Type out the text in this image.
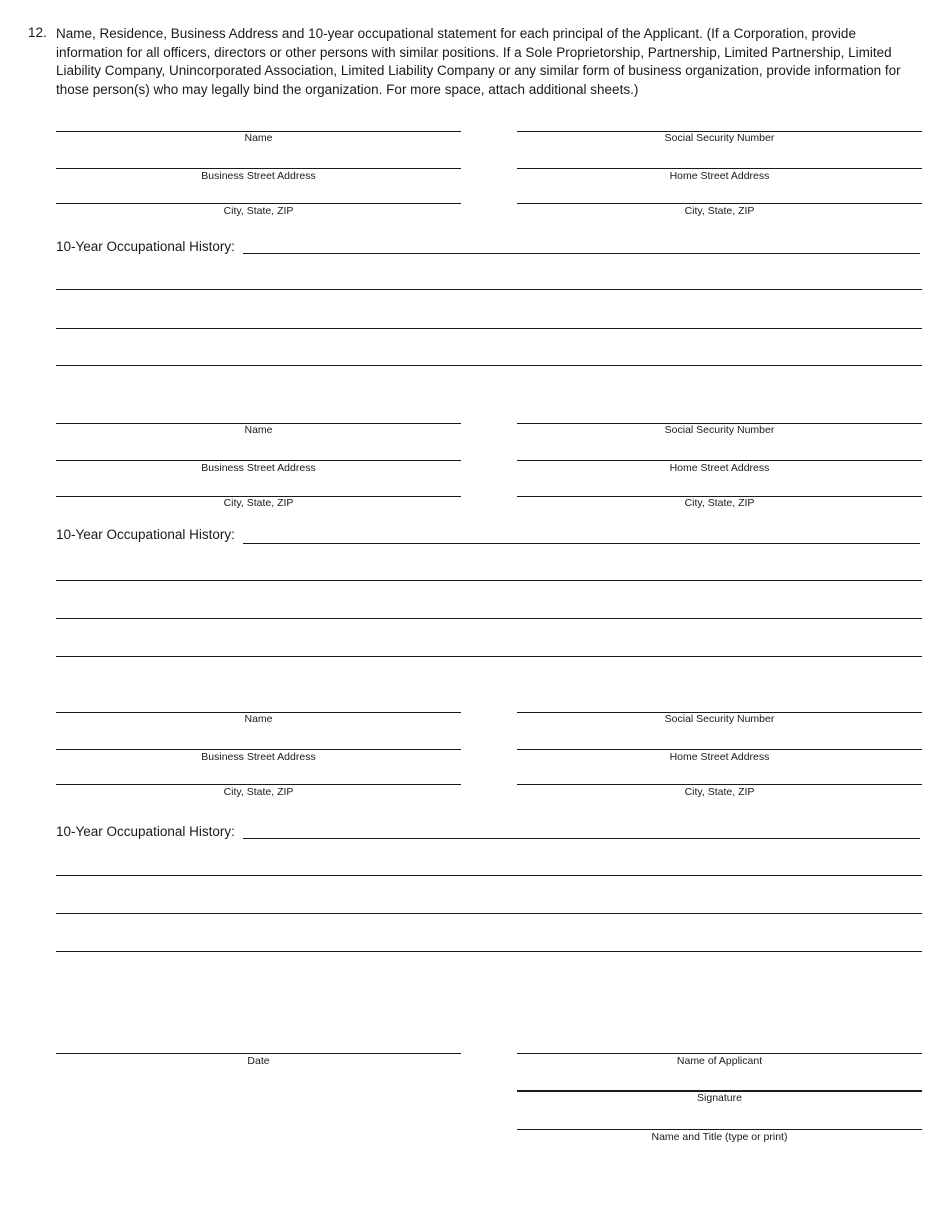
12. Name, Residence, Business Address and 10-year occupational statement for each principal of the Applicant. (If a Corporation, provide information for all officers, directors or other persons with similar positions. If a Sole Proprietorship, Partnership, Limited Partnership, Limited Liability Company, Unincorporated Association, Limited Liability Company or any similar form of business organization, provide information for those person(s) who may legally bind the organization. For more space, attach additional sheets.)
Name	Social Security Number
Business Street Address	Home Street Address
City, State, ZIP	City, State, ZIP
10-Year Occupational History:
Name	Social Security Number
Business Street Address	Home Street Address
City, State, ZIP	City, State, ZIP
10-Year Occupational History:
Name	Social Security Number
Business Street Address	Home Street Address
City, State, ZIP	City, State, ZIP
10-Year Occupational History:
Date	Name of Applicant
Signature
Name and Title (type or print)
